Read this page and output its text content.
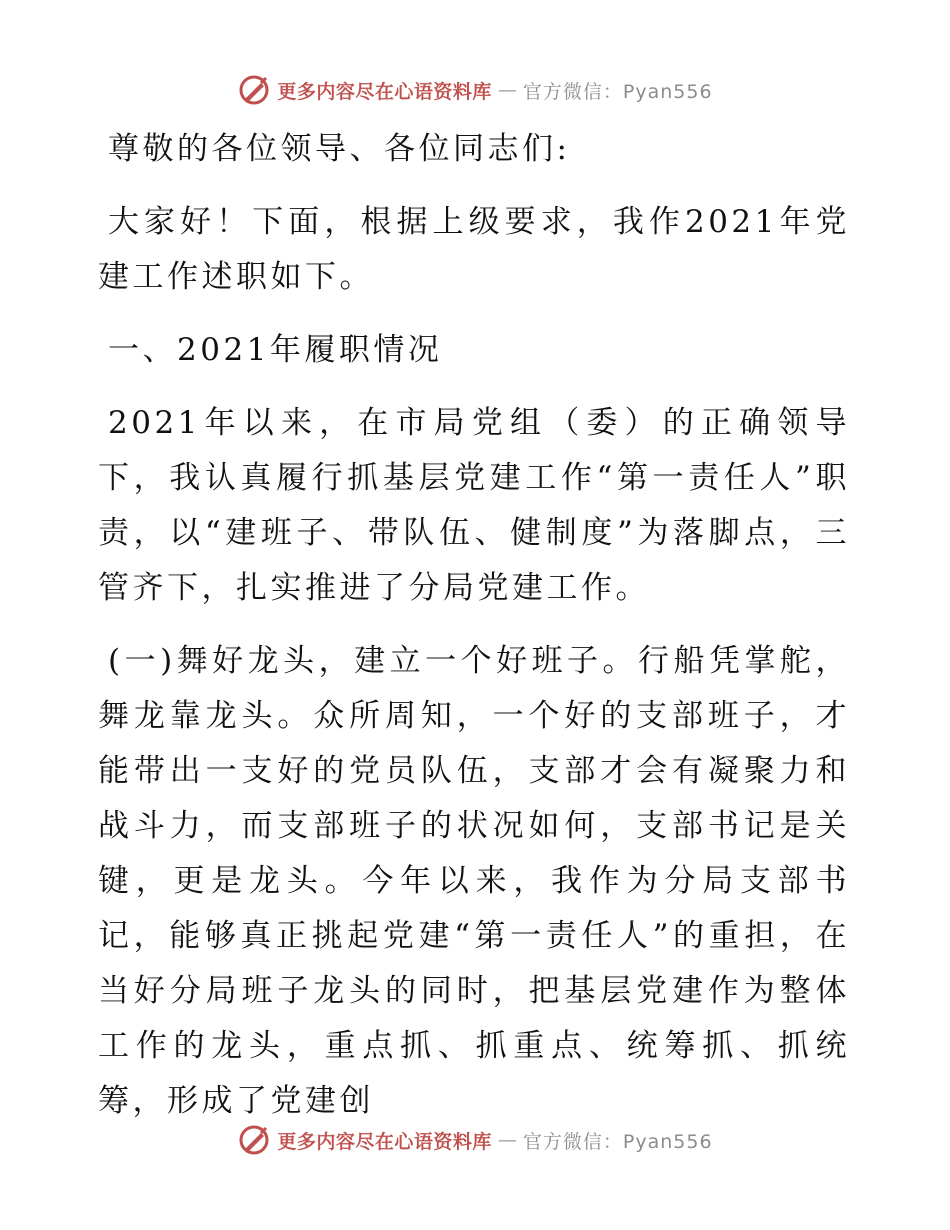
更多内容尽在心语资料库 — 官方微信：Pyan556

尊敬的各位领导、各位同志们:

大家好！下面，根据上级要求，我作2021年党建工作述职如下。

一、2021年履职情况

2021年以来，在市局党组（委）的正确领导下，我认真履行抓基层党建工作“第一责任人”职责，以“建班子、带队伍、健制度”为落脚点，三管齐下，扎实推进了分局党建工作。

(一)舞好龙头，建立一个好班子。行船凭掌舵，舞龙靠龙头。众所周知，一个好的支部班子，才能带出一支好的党员队伍，支部才会有凝聚力和战斗力，而支部班子的状况如何，支部书记是关键，更是龙头。今年以来，我作为分局支部书记，能够真正挑起党建“第一责任人”的重担，在当好分局班子龙头的同时，把基层党建作为整体工作的龙头，重点抓、抓重点、统筹抓、抓统筹，形成了党建创

更多内容尽在心语资料库 — 官方微信：Pyan556
